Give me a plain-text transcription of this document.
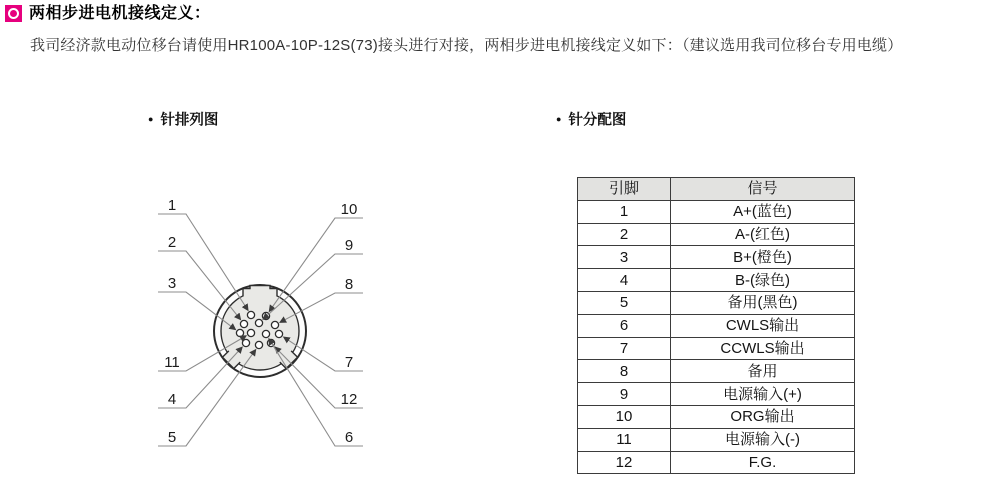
两相步进电机接线定义：

我司经济款电动位移台请使用HR100A-10P-12S(73)接头进行对接，两相步进电机接线定义如下：（建议选用我司位移台专用电缆）

● 针排列图	● 针分配图
1
2
3
11
4
5
10
9
8
7
12
6
引脚	信号
1	A+(蓝色)
2	A-(红色)
3	B+(橙色)
4	B-(绿色)
5	备用(黑色)
6	CWLS输出
7	CCWLS输出
8	备用
9	电源输入(+)
10	ORG输出
11	电源输入(-)
12	F.G.
